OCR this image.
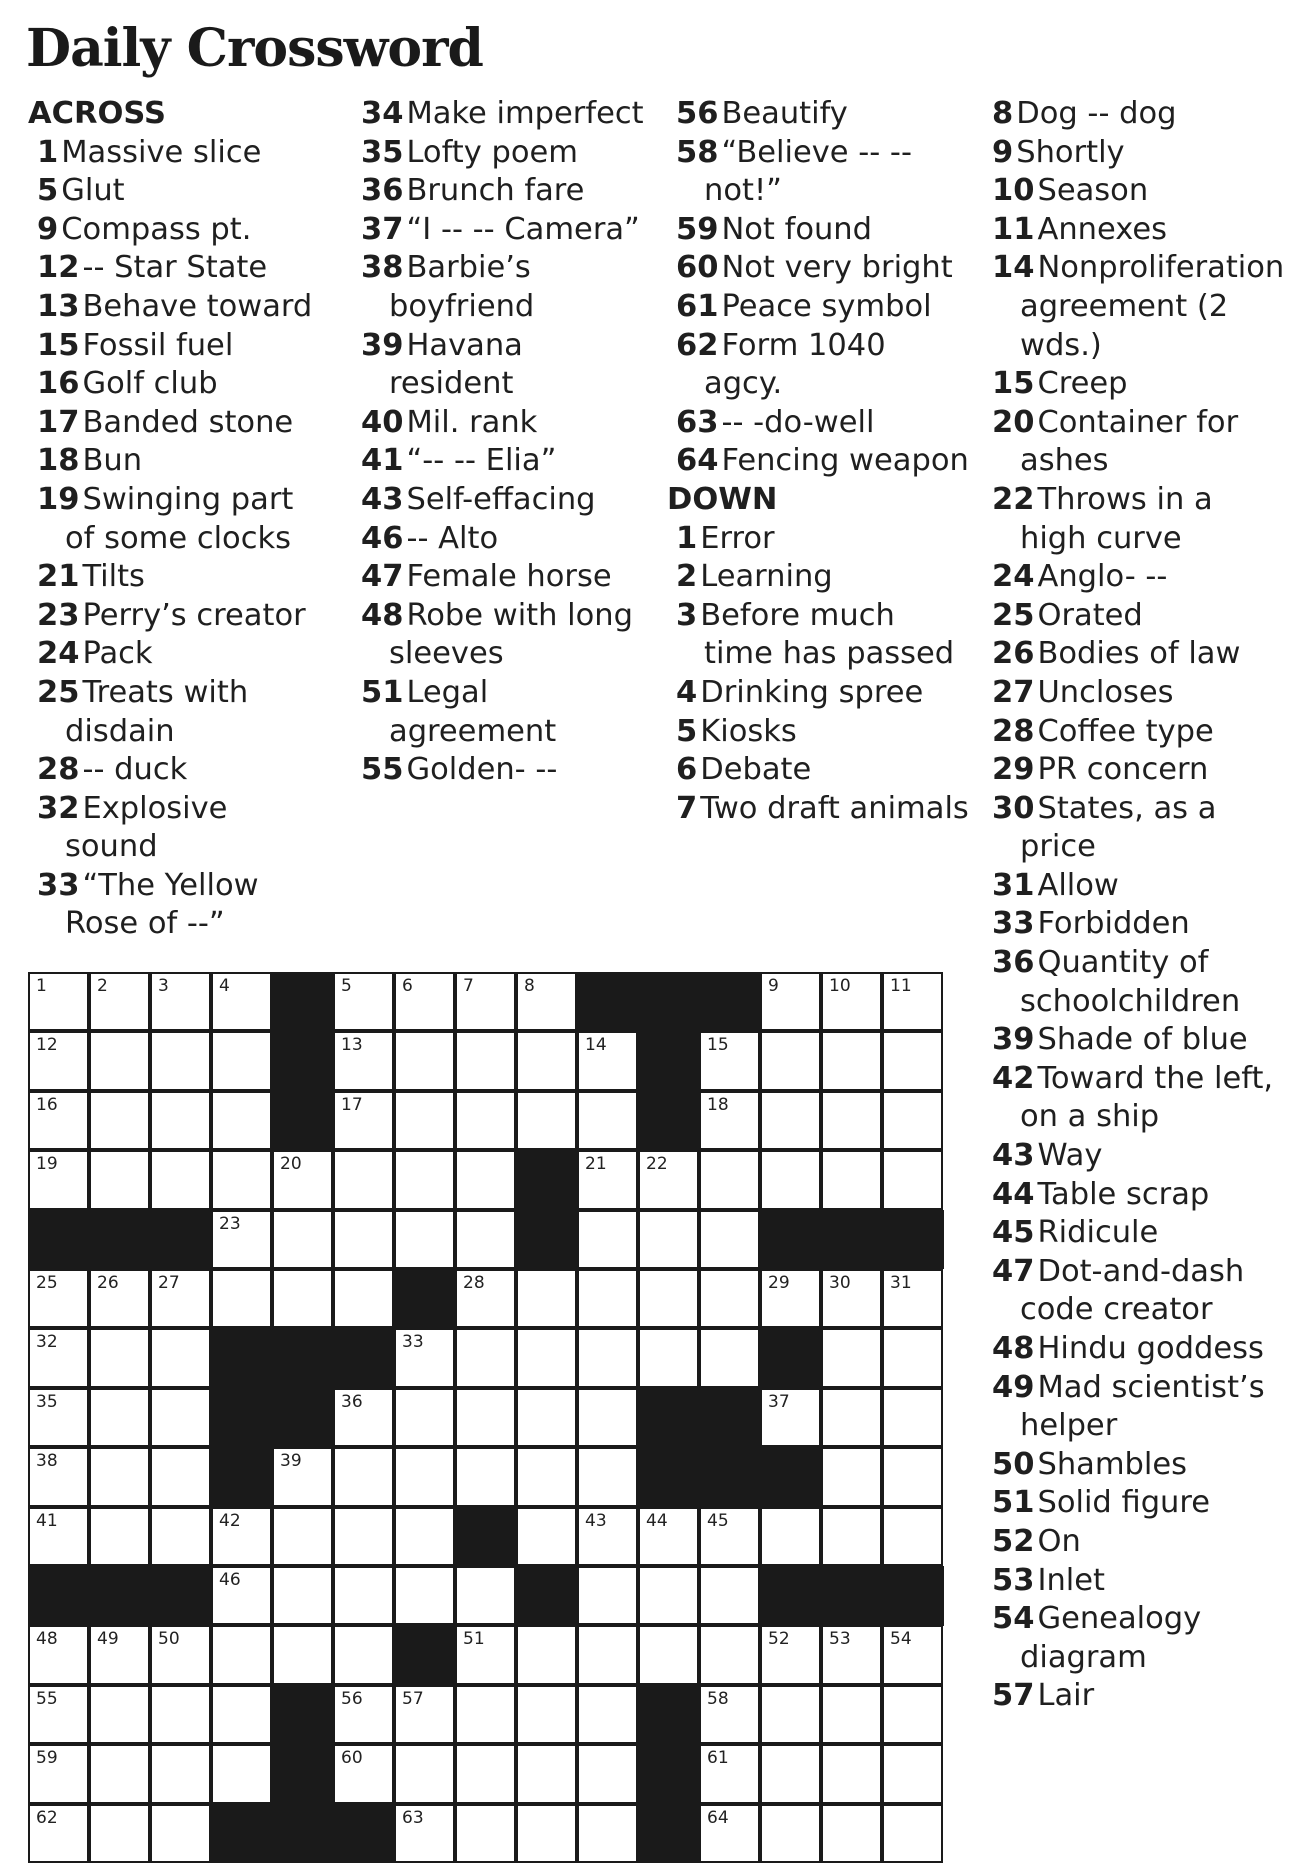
Daily Crossword
ACROSS
1Massive slice
5Glut
9Compass pt.
12-- Star State
13Behave toward
15Fossil fuel
16Golf club
17Banded stone
18Bun
19Swinging part of some clocks
21Tilts
23Perry’s creator
24Pack
25Treats with disdain
28-- duck
32Explosive sound
33“The Yellow Rose of --”
34Make imperfect
35Lofty poem
36Brunch fare
37“I -- -- Camera”
38Barbie’s boyfriend
39Havana resident
40Mil. rank
41“-- -- Elia”
43Self-effacing
46-- Alto
47Female horse
48Robe with long sleeves
51Legal agreement
55Golden- --
56Beautify
58“Believe -- -- not!”
59Not found
60Not very bright
61Peace symbol
62Form 1040 agcy.
63-- -do-well
64Fencing weapon
DOWN
1Error
2Learning
3Before much time has passed
4Drinking spree
5Kiosks
6Debate
7Two draft animals
8Dog -- dog
9Shortly
10Season
11Annexes
14Nonproliferation agreement (2 wds.)
15Creep
20Container for ashes
22Throws in a high curve
24Anglo- --
25Orated
26Bodies of law
27Uncloses
28Coffee type
29PR concern
30States, as a price
31Allow
33Forbidden
36Quantity of schoolchildren
39Shade of blue
42Toward the left, on a ship
43Way
44Table scrap
45Ridicule
47Dot-and-dash code creator
48Hindu goddess
49Mad scientist’s helper
50Shambles
51Solid figure
52On
53Inlet
54Genealogy diagram
57Lair
1	2	3	4	5	6	7	8	9	10 11
12	13	14	15
16	17	18
19	20	21 22
23
25 26 27	28	29 30 31
32	33
35	36	37
38	39
41	42	43 44 45
46
48 49 50	51	52 53 54
55	56 57	58
59	60	61
62	63	64
